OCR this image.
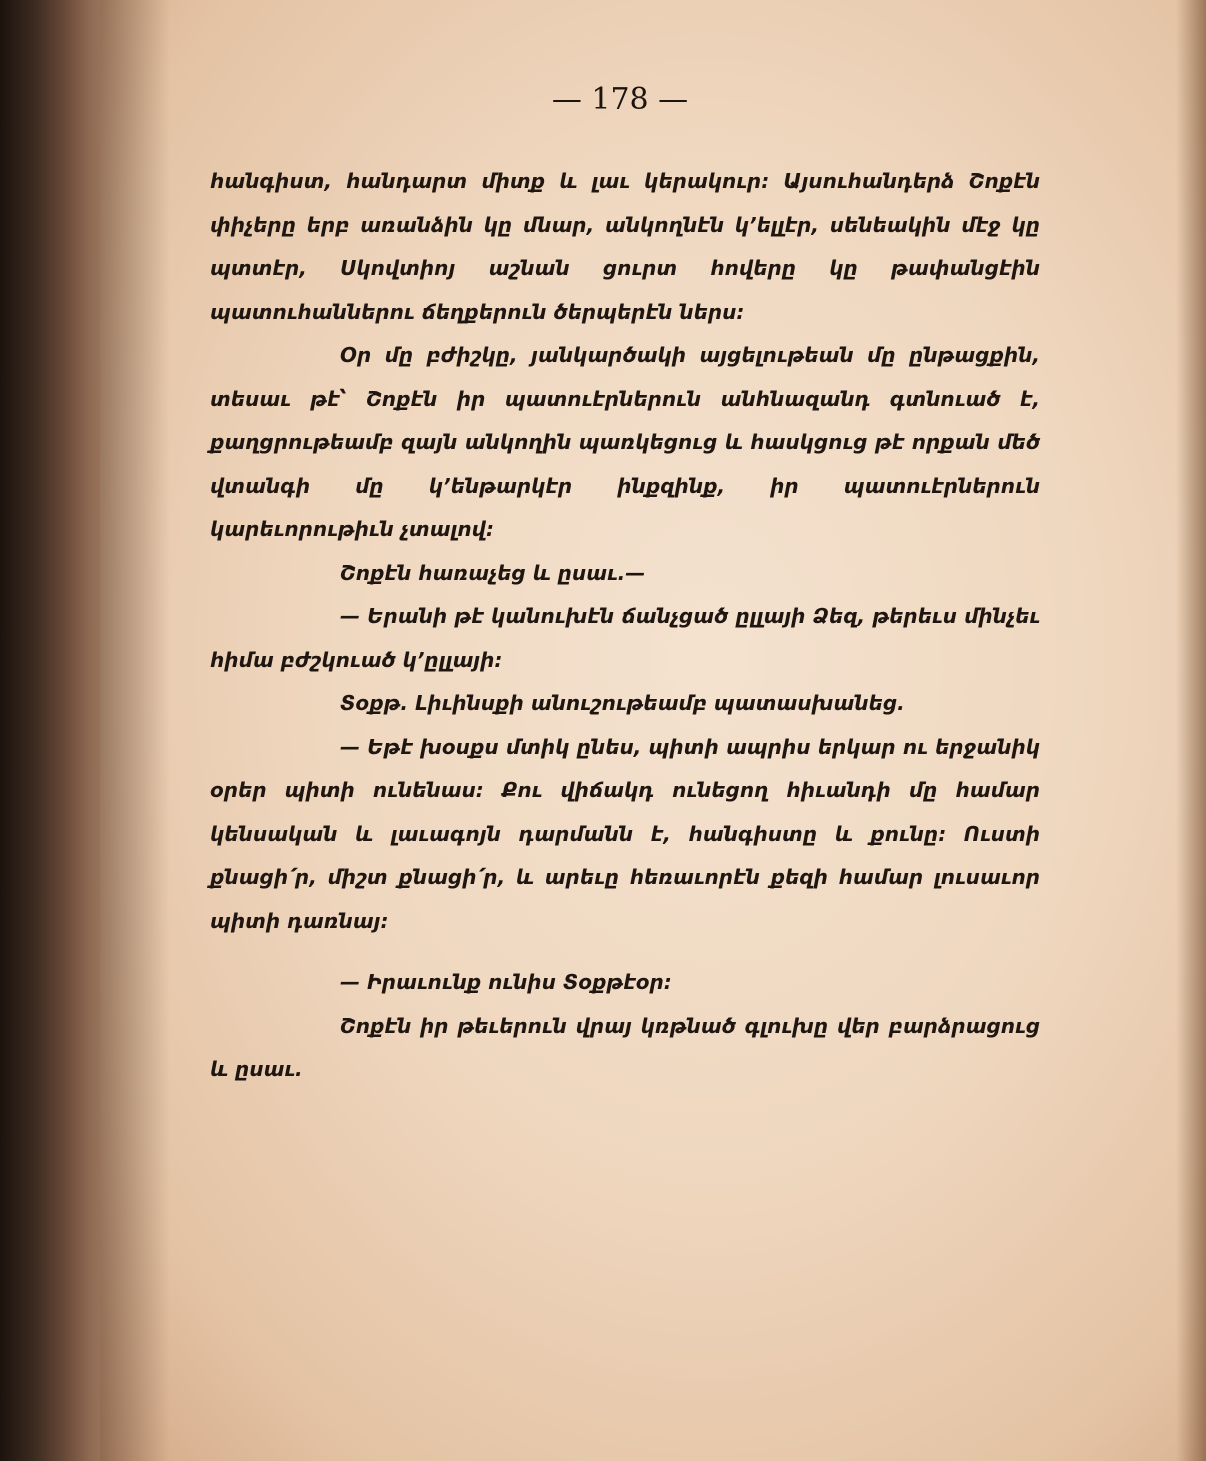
— 178 —

հանգիստ, հանդարտ միտք և լաւ կերակուր։ Այսուհանդերձ Շոքէն փիչերը երբ առանձին կը մնար, անկողնէն կ՚ելլէր, սենեակին մէջ կը պտտէր, Սկովտիոյ աշնան ցուրտ հովերը կը թափանցէին պատուհաններու ճեղքերուն ծերպերէն ներս։

Օր մը բժիշկը, յանկարծակի այցելութեան մը ընթացքին, տեսաւ թէ՝ Շոքէն իր պատուէրներուն անհնազանդ գտնուած է, քաղցրութեամբ զայն անկողին պառկեցուց և հասկցուց թէ որքան մեծ վտանգի մը կ՚ենթարկէր ինքզինք, իր պատուէրներուն կարեւորութիւն չտալով։

Շոքէն հառաչեց և ըսաւ.—

— Երանի թէ կանուխէն ճանչցած ըլլայի Ձեզ, թերեւս մինչեւ հիմա բժշկուած կ՚ըլլայի։

Տօքթ. Լիւինսքի անուշութեամբ պատասխանեց.

— Եթէ խօսքս մտիկ ընես, պիտի ապրիս երկար ու երջանիկ օրեր պիտի ունենաս։ Քու վիճակդ ունեցող հիւանդի մը համար կենսական և լաւագոյն դարմանն է, հանգիստը և քունը։ Ուստի քնացի՛ր, միշտ քնացի՛ր, և արեւը հեռաւորէն քեզի համար լուսաւոր պիտի դառնայ։

— Իրաւունք ունիս Տօքթէօր։

Շոքէն իր թեւերուն վրայ կռթնած գլուխը վեր բարձրացուց և ըսաւ.
